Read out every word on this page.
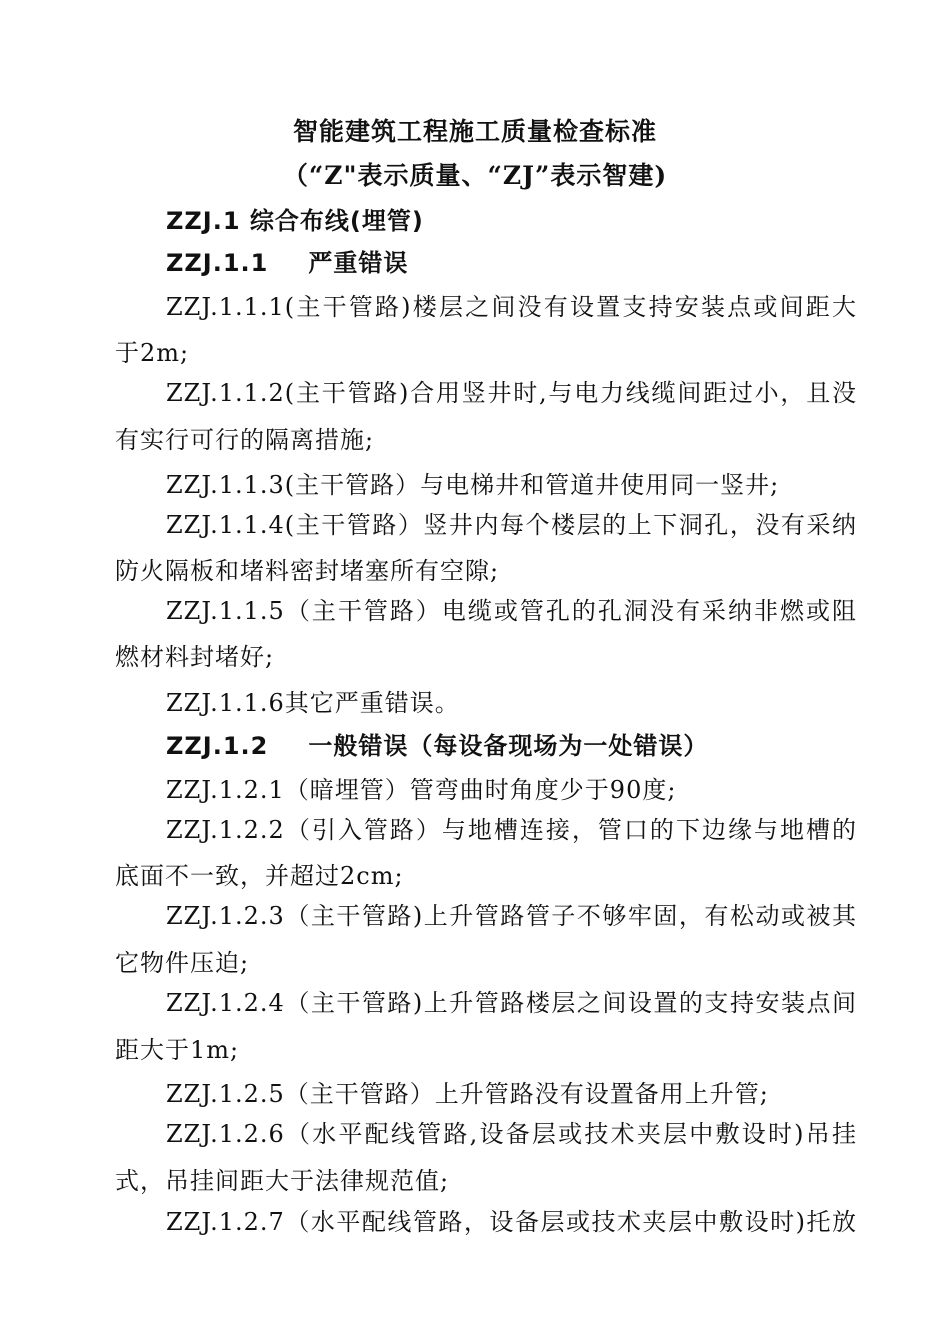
智能建筑工程施工质量检查标准
（“Z"表示质量、“ZJ”表示智建)
ZZJ.1 综合布线(埋管)
ZZJ.1.1 严重错误
ZZJ.1.1.1(主干管路)楼层之间没有设置支持安装点或间距大
于2m;
ZZJ.1.1.2(主干管路)合用竖井时,与电力线缆间距过小，且没
有实行可行的隔离措施;
ZZJ.1.1.3(主干管路）与电梯井和管道井使用同一竖井;
ZZJ.1.1.4(主干管路）竖井内每个楼层的上下洞孔，没有采纳
防火隔板和堵料密封堵塞所有空隙;
ZZJ.1.1.5（主干管路）电缆或管孔的孔洞没有采纳非燃或阻
燃材料封堵好;
ZZJ.1.1.6其它严重错误。
ZZJ.1.2 一般错误（每设备现场为一处错误）
ZZJ.1.2.1（暗埋管）管弯曲时角度少于90度;
ZZJ.1.2.2（引入管路）与地槽连接，管口的下边缘与地槽的
底面不一致，并超过2cm;
ZZJ.1.2.3（主干管路)上升管路管子不够牢固，有松动或被其
它物件压迫;
ZZJ.1.2.4（主干管路)上升管路楼层之间设置的支持安装点间
距大于1m;
ZZJ.1.2.5（主干管路）上升管路没有设置备用上升管;
ZZJ.1.2.6（水平配线管路,设备层或技术夹层中敷设时)吊挂
式，吊挂间距大于法律规范值;
ZZJ.1.2.7（水平配线管路，设备层或技术夹层中敷设时)托放
